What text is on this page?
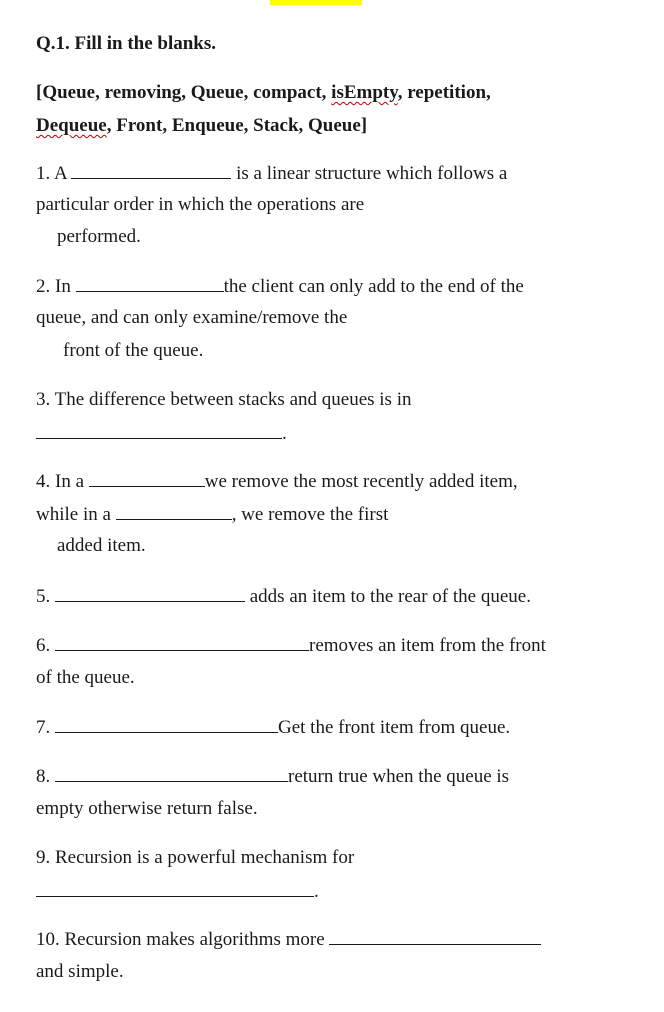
Q.1. Fill in the blanks.
[Queue, removing, Queue, compact, isEmpty, repetition,
Dequeue, Front, Enqueue, Stack, Queue]
1. A	is a linear structure which follows a
particular order in which the operations are
performed.
2. In	the client can only add to the end of the
queue, and can only examine/remove the
front of the queue.
3. The difference between stacks and queues is in
.
4. In a	we remove the most recently added item,
while in a	, we remove the first
added item.
5.	adds an item to the rear of the queue.
6.	removes an item from the front
of the queue.
7.	Get the front item from queue.
8.	return true when the queue is
empty otherwise return false.
9. Recursion is a powerful mechanism for
.
10. Recursion makes algorithms more
and simple.
